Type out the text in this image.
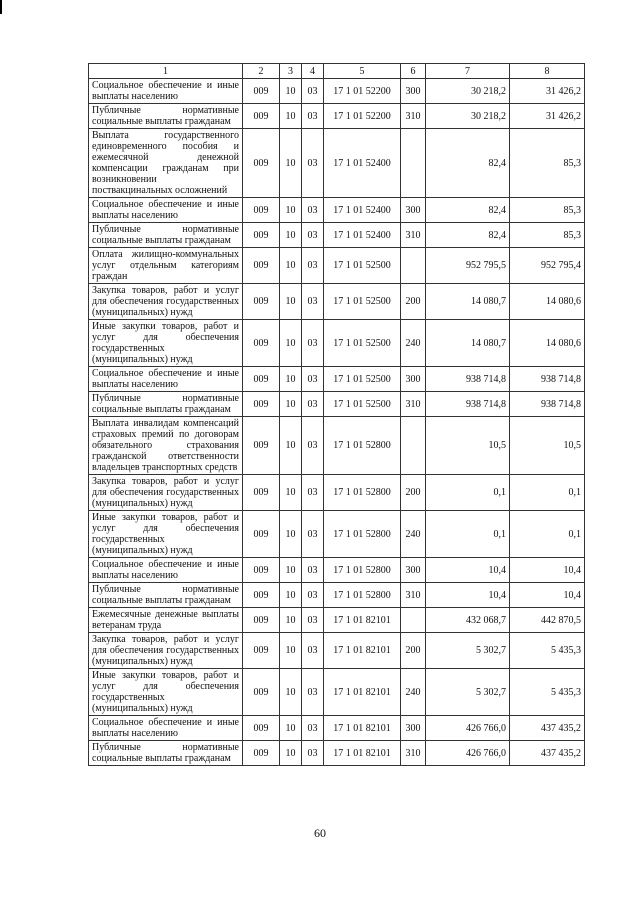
1	2	3	4	5	6	7	8
Социальное обеспечение и иные выплаты населению	009	10	03	17 1 01 52200	300	30 218,2	31 426,2
Публичные нормативные социальные выплаты гражданам	009	10	03	17 1 01 52200	310	30 218,2	31 426,2
Выплата государственного единовременного пособия и ежемесячной денежной компенсации гражданам при возникновении поствакцинальных осложнений	009	10	03	17 1 01 52400		82,4	85,3
Социальное обеспечение и иные выплаты населению	009	10	03	17 1 01 52400	300	82,4	85,3
Публичные нормативные социальные выплаты гражданам	009	10	03	17 1 01 52400	310	82,4	85,3
Оплата жилищно-коммунальных услуг отдельным категориям граждан	009	10	03	17 1 01 52500		952 795,5	952 795,4
Закупка товаров, работ и услуг для обеспечения государственных (муниципальных) нужд	009	10	03	17 1 01 52500	200	14 080,7	14 080,6
Иные закупки товаров, работ и услуг для обеспечения государственных (муниципальных) нужд	009	10	03	17 1 01 52500	240	14 080,7	14 080,6
Социальное обеспечение и иные выплаты населению	009	10	03	17 1 01 52500	300	938 714,8	938 714,8
Публичные нормативные социальные выплаты гражданам	009	10	03	17 1 01 52500	310	938 714,8	938 714,8
Выплата инвалидам компенсаций страховых премий по договорам обязательного страхования гражданской ответственности владельцев транспортных средств	009	10	03	17 1 01 52800		10,5	10,5
Закупка товаров, работ и услуг для обеспечения государственных (муниципальных) нужд	009	10	03	17 1 01 52800	200	0,1	0,1
Иные закупки товаров, работ и услуг для обеспечения государственных (муниципальных) нужд	009	10	03	17 1 01 52800	240	0,1	0,1
Социальное обеспечение и иные выплаты населению	009	10	03	17 1 01 52800	300	10,4	10,4
Публичные нормативные социальные выплаты гражданам	009	10	03	17 1 01 52800	310	10,4	10,4
Ежемесячные денежные выплаты ветеранам труда	009	10	03	17 1 01 82101		432 068,7	442 870,5
Закупка товаров, работ и услуг для обеспечения государственных (муниципальных) нужд	009	10	03	17 1 01 82101	200	5 302,7	5 435,3
Иные закупки товаров, работ и услуг для обеспечения государственных (муниципальных) нужд	009	10	03	17 1 01 82101	240	5 302,7	5 435,3
Социальное обеспечение и иные выплаты населению	009	10	03	17 1 01 82101	300	426 766,0	437 435,2
Публичные нормативные социальные выплаты гражданам	009	10	03	17 1 01 82101	310	426 766,0	437 435,2
60
